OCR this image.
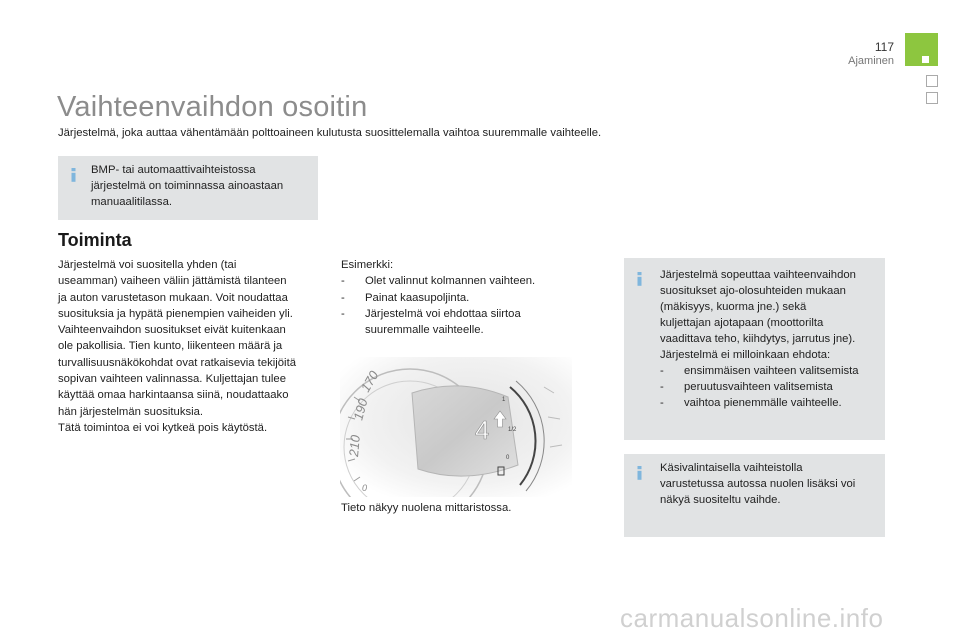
117
Ajaminen
Vaihteenvaihdon osoitin
Järjestelmä, joka auttaa vähentämään polttoaineen kulutusta suosittelemalla vaihtoa suuremmalle vaihteelle.
BMP- tai automaattivaihteistossa
järjestelmä on toiminnassa ainoastaan
manuaalitilassa.
Toiminta

Järjestelmä voi suositella yhden (tai

useamman) vaiheen väliin jättämistä tilanteen

ja auton varustetason mukaan. Voit noudattaa

suosituksia ja hypätä pienempien vaiheiden yli.

Vaihteenvaihdon suositukset eivät kuitenkaan

ole pakollisia. Tien kunto, liikenteen määrä ja

turvallisuusnäkökohdat ovat ratkaisevia tekijöitä

sopivan vaihteen valinnassa. Kuljettajan tulee

käyttää omaa harkintaansa siinä, noudattaako

hän järjestelmän suosituksia.

Tätä toimintoa ei voi kytkeä pois käytöstä.

Esimerkki:

-	Olet valinnut kolmannen vaihteen.
-	Painat kaasupoljinta.
-	Järjestelmä voi ehdottaa siirtoa
suuremmalle vaihteelle.
170
190
210
0
4
1
1/2
0
Tieto näkyy nuolena mittaristossa.
Järjestelmä sopeuttaa vaihteenvaihdon
suositukset ajo-olosuhteiden mukaan
(mäkisyys, kuorma jne.) sekä
kuljettajan ajotapaan (moottorilta
vaadittava teho, kiihdytys, jarrutus jne).
Järjestelmä ei milloinkaan ehdota:
-	ensimmäisen vaihteen valitsemista
-	peruutusvaihteen valitsemista
-	vaihtoa pienemmälle vaihteelle.
Käsivalintaisella vaihteistolla
varustetussa autossa nuolen lisäksi voi
näkyä suositeltu vaihde.
carmanualsonline.info
